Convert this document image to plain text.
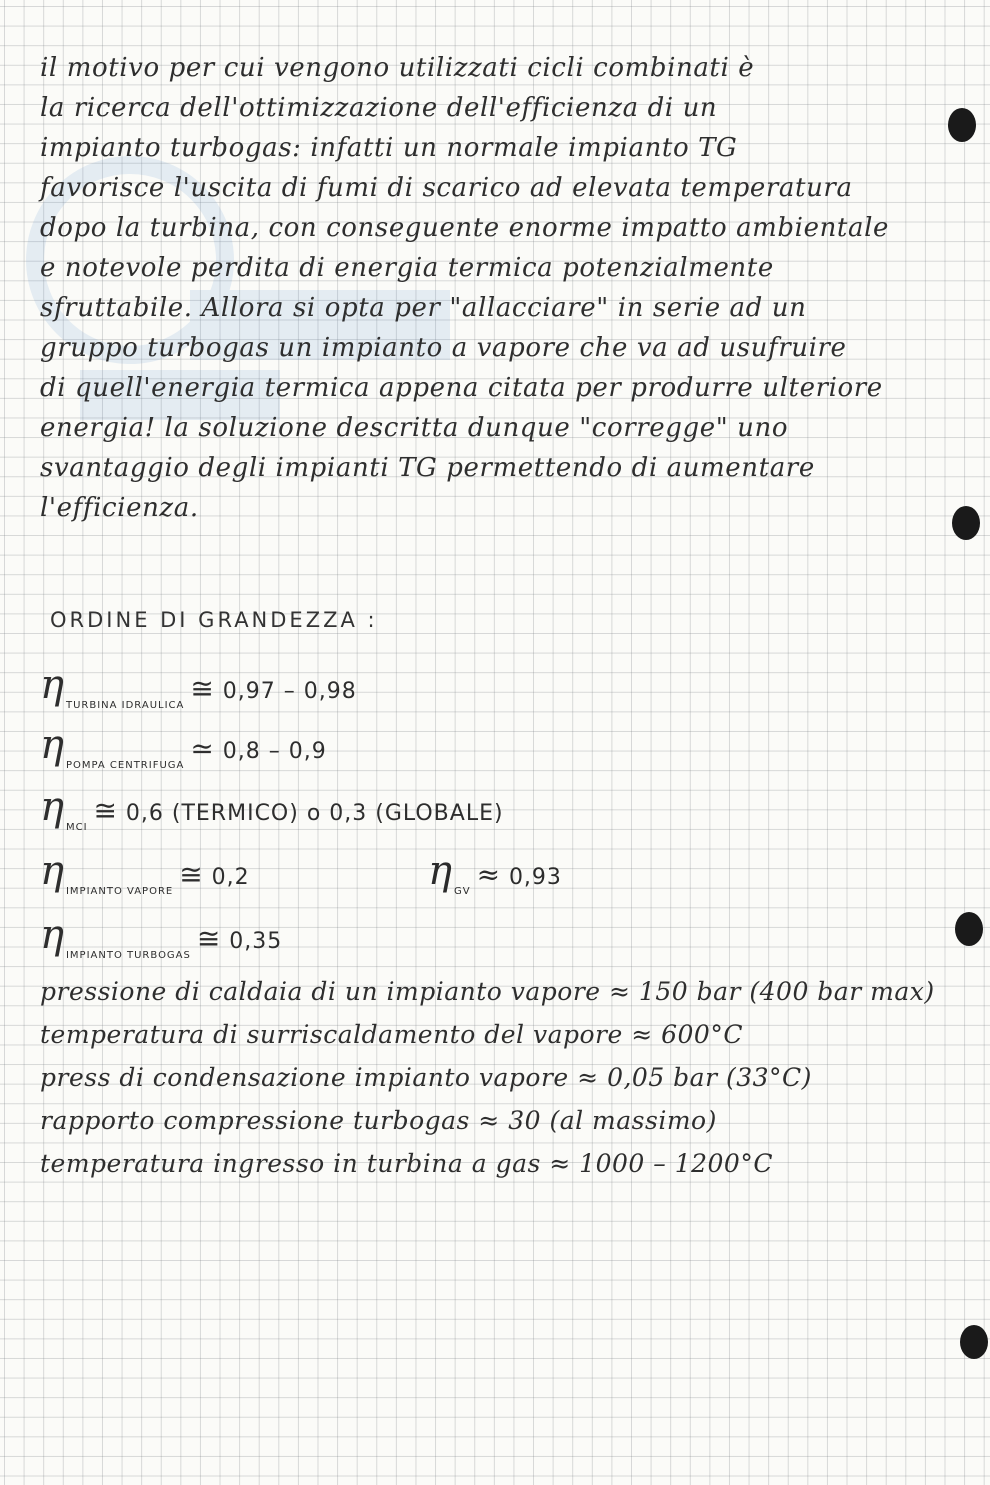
il motivo per cui vengono utilizzati cicli combinati è
la ricerca dell'ottimizzazione dell'efficienza di un
impianto turbogas: infatti un normale impianto TG
favorisce l'uscita di fumi di scarico ad elevata temperatura
dopo la turbina, con conseguente enorme impatto ambientale
e notevole perdita di energia termica potenzialmente
sfruttabile. Allora si opta per "allacciare" in serie ad un
gruppo turbogas un impianto a vapore che va ad usufruire
di quell'energia termica appena citata per produrre ulteriore
energia! la soluzione descritta dunque "corregge" uno
svantaggio degli impianti TG permettendo di aumentare
l'efficienza.
ORDINE DI GRANDEZZA :
η $_{TURBINA IDRAULICA}$≅ 0,97 – 0,98
η $_{POMPA CENTRIFUGA}$≃ 0,8 – 0,9
η $_{MCI}$≅ 0,6 (TERMICO) o 0,3 (GLOBALE)
η $_{IMPIANTO VAPORE}$≅ 0,2	η $_{GV}$≈ 0,93
η $_{IMPIANTO TURBOGAS}$≅ 0,35
pressione di caldaia di un impianto vapore ≈ 150 bar (400 bar max)
temperatura di surriscaldamento del vapore ≈ 600°C
press di condensazione impianto vapore ≈ 0,05 bar (33°C)
rapporto compressione turbogas ≈ 30 (al massimo)
temperatura ingresso in turbina a gas ≈ 1000 – 1200°C
